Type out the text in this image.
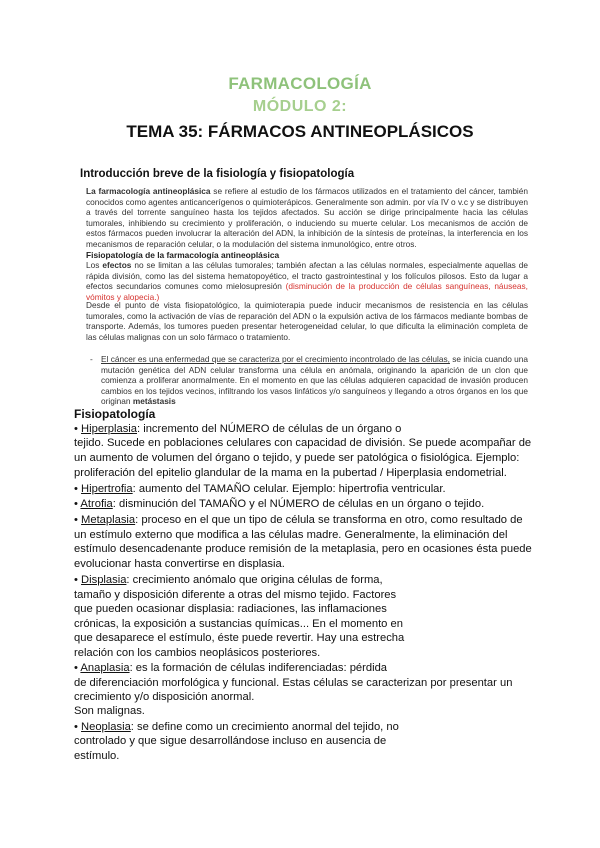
FARMACOLOGÍA
MÓDULO 2:
TEMA 35: FÁRMACOS ANTINEOPLÁSICOS
Introducción breve de la fisiología y fisiopatología
La farmacología antineoplásica se refiere al estudio de los fármacos utilizados en el tratamiento del cáncer, también conocidos como agentes anticancerígenos o quimioterápicos. Generalmente son admin. por vía IV o v.c y se distribuyen a través del torrente sanguíneo hasta los tejidos afectados. Su acción se dirige principalmente hacia las células tumorales, inhibiendo su crecimiento y proliferación, o induciendo su muerte celular. Los mecanismos de acción de estos fármacos pueden involucrar la alteración del ADN, la inhibición de la síntesis de proteínas, la interferencia en los mecanismos de reparación celular, o la modulación del sistema inmunológico, entre otros.
Fisiopatología de la farmacología antineoplásica
Los efectos no se limitan a las células tumorales; también afectan a las células normales, especialmente aquellas de rápida división, como las del sistema hematopoyético, el tracto gastrointestinal y los folículos pilosos. Esto da lugar a efectos secundarios comunes como mielosupresión (disminución de la producción de células sanguíneas, náuseas, vómitos y alopecia.)
Desde el punto de vista fisiopatológico, la quimioterapia puede inducir mecanismos de resistencia en las células tumorales, como la activación de vías de reparación del ADN o la expulsión activa de los fármacos mediante bombas de transporte. Además, los tumores pueden presentar heterogeneidad celular, lo que dificulta la eliminación completa de las células malignas con un solo fármaco o tratamiento.
- El cáncer es una enfermedad que se caracteriza por el crecimiento incontrolado de las células, se inicia cuando una mutación genética del ADN celular transforma una célula en anómala, originando la aparición de un clon que comienza a proliferar anormalmente. En el momento en que las células adquieren capacidad de invasión producen cambios en los tejidos vecinos, infiltrando los vasos linfáticos y/o sanguíneos y llegando a otros órganos en los que originan metástasis
Fisiopatología
• Hiperplasia: incremento del NÚMERO de células de un órgano o
tejido. Sucede en poblaciones celulares con capacidad de división. Se puede acompañar de
un aumento de volumen del órgano o tejido, y puede ser patológica o fisiológica. Ejemplo:
proliferación del epitelio glandular de la mama en la pubertad / Hiperplasia endometrial.
• Hipertrofia: aumento del TAMAÑO celular. Ejemplo: hipertrofia ventricular.
• Atrofia: disminución del TAMAÑO y el NÚMERO de células en un órgano o tejido.
• Metaplasia: proceso en el que un tipo de célula se transforma en otro, como resultado de
un estímulo externo que modifica a las células madre. Generalmente, la eliminación del
estímulo desencadenante produce remisión de la metaplasia, pero en ocasiones ésta puede
evolucionar hasta convertirse en displasia.
• Displasia: crecimiento anómalo que origina células de forma,
tamaño y disposición diferente a otras del mismo tejido. Factores
que pueden ocasionar displasia: radiaciones, las inflamaciones
crónicas, la exposición a sustancias químicas... En el momento en
que desaparece el estímulo, éste puede revertir. Hay una estrecha
relación con los cambios neoplásicos posteriores.
• Anaplasia: es la formación de células indiferenciadas: pérdida
de diferenciación morfológica y funcional. Estas células se caracterizan por presentar un
crecimiento y/o disposición anormal.
Son malignas.
• Neoplasia: se define como un crecimiento anormal del tejido, no
controlado y que sigue desarrollándose incluso en ausencia de
estímulo.
